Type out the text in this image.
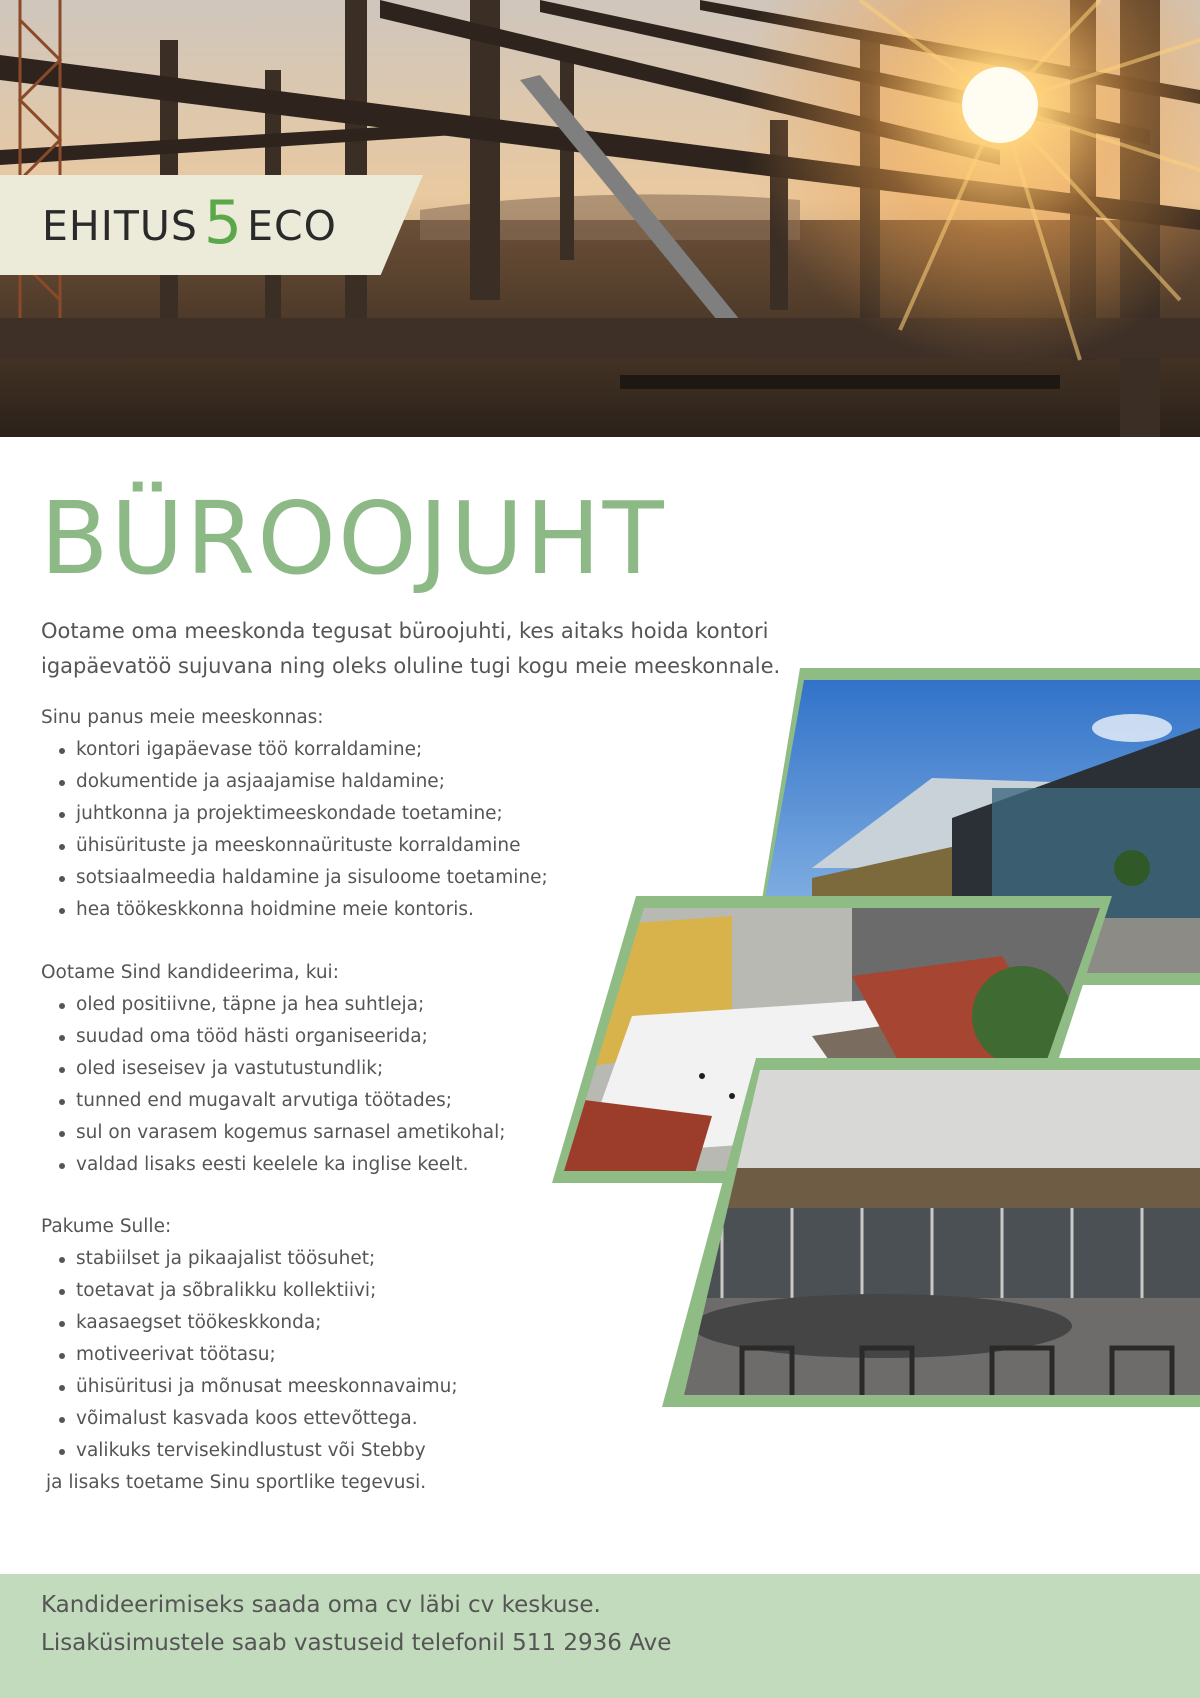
EHITUS 5 ECO
BÜROOJUHT

Ootame oma meeskonda tegusat büroojuhti, kes aitaks hoida kontori igapäevatöö sujuvana ning oleks oluline tugi kogu meie meeskonnale.

Sinu panus meie meeskonnas:
kontori igapäevase töö korraldamine;
dokumentide ja asjaajamise haldamine;
juhtkonna ja projektimeeskondade toetamine;
ühisürituste ja meeskonnaürituste korraldamine
sotsiaalmeedia haldamine ja sisuloome toetamine;
hea töökeskkonna hoidmine meie kontoris.
Ootame Sind kandideerima, kui:
oled positiivne, täpne ja hea suhtleja;
suudad oma tööd hästi organiseerida;
oled iseseisev ja vastutustundlik;
tunned end mugavalt arvutiga töötades;
sul on varasem kogemus sarnasel ametikohal;
valdad lisaks eesti keelele ka inglise keelt.
Pakume Sulle:
stabiilset ja pikaajalist töösuhet;
toetavat ja sõbralikku kollektiivi;
kaasaegset töökeskkonda;
motiveerivat töötasu;
ühisüritusi ja mõnusat meeskonnavaimu;
võimalust kasvada koos ettevõttega.
valikuks tervisekindlustust või Stebby
ja lisaks toetame Sinu sportlike tegevusi.

Kandideerimiseks saada oma cv läbi cv keskuse.

Lisaküsimustele saab vastuseid telefonil 511 2936 Ave
